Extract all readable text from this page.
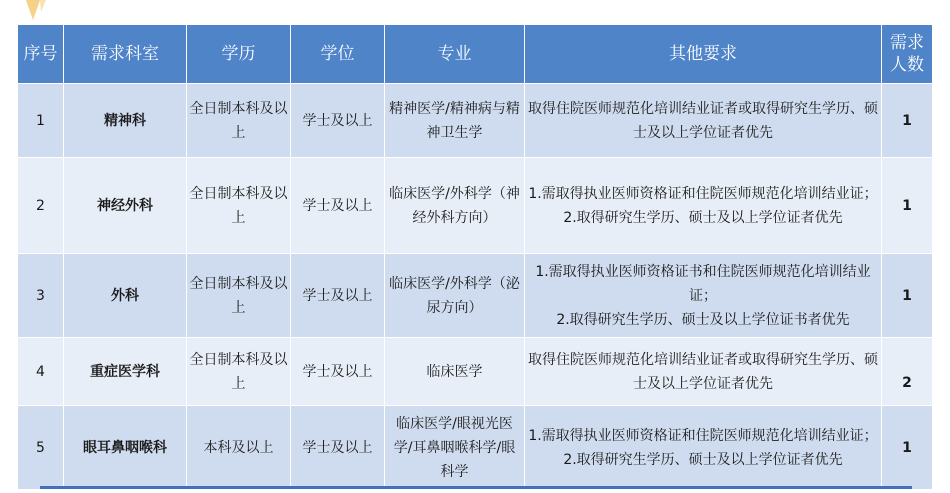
序号	需求科室	学历	学位	专业	其他要求	需求人数
1	精神科	全日制本科及以上	学士及以上	精神医学/精神病与精神卫生学	取得住院医师规范化培训结业证者或取得研究生学历、硕士及以上学位证者优先	1
2	神经外科	全日制本科及以上	学士及以上	临床医学/外科学（神经外科方向）	1.需取得执业医师资格证和住院医师规范化培训结业证；
2.取得研究生学历、硕士及以上学位证者优先	1
3	外科	全日制本科及以上	学士及以上	临床医学/外科学（泌尿方向）	1.需取得执业医师资格证书和住院医师规范化培训结业证；
2.取得研究生学历、硕士及以上学位证书者优先	1
4	重症医学科	全日制本科及以上	学士及以上	临床医学	取得住院医师规范化培训结业证者或取得研究生学历、硕士及以上学位证者优先	2
5	眼耳鼻咽喉科	本科及以上	学士及以上	临床医学/眼视光医学/耳鼻咽喉科学/眼科学	1.需取得执业医师资格证和住院医师规范化培训结业证；
2.取得研究生学历、硕士及以上学位证者优先	1
